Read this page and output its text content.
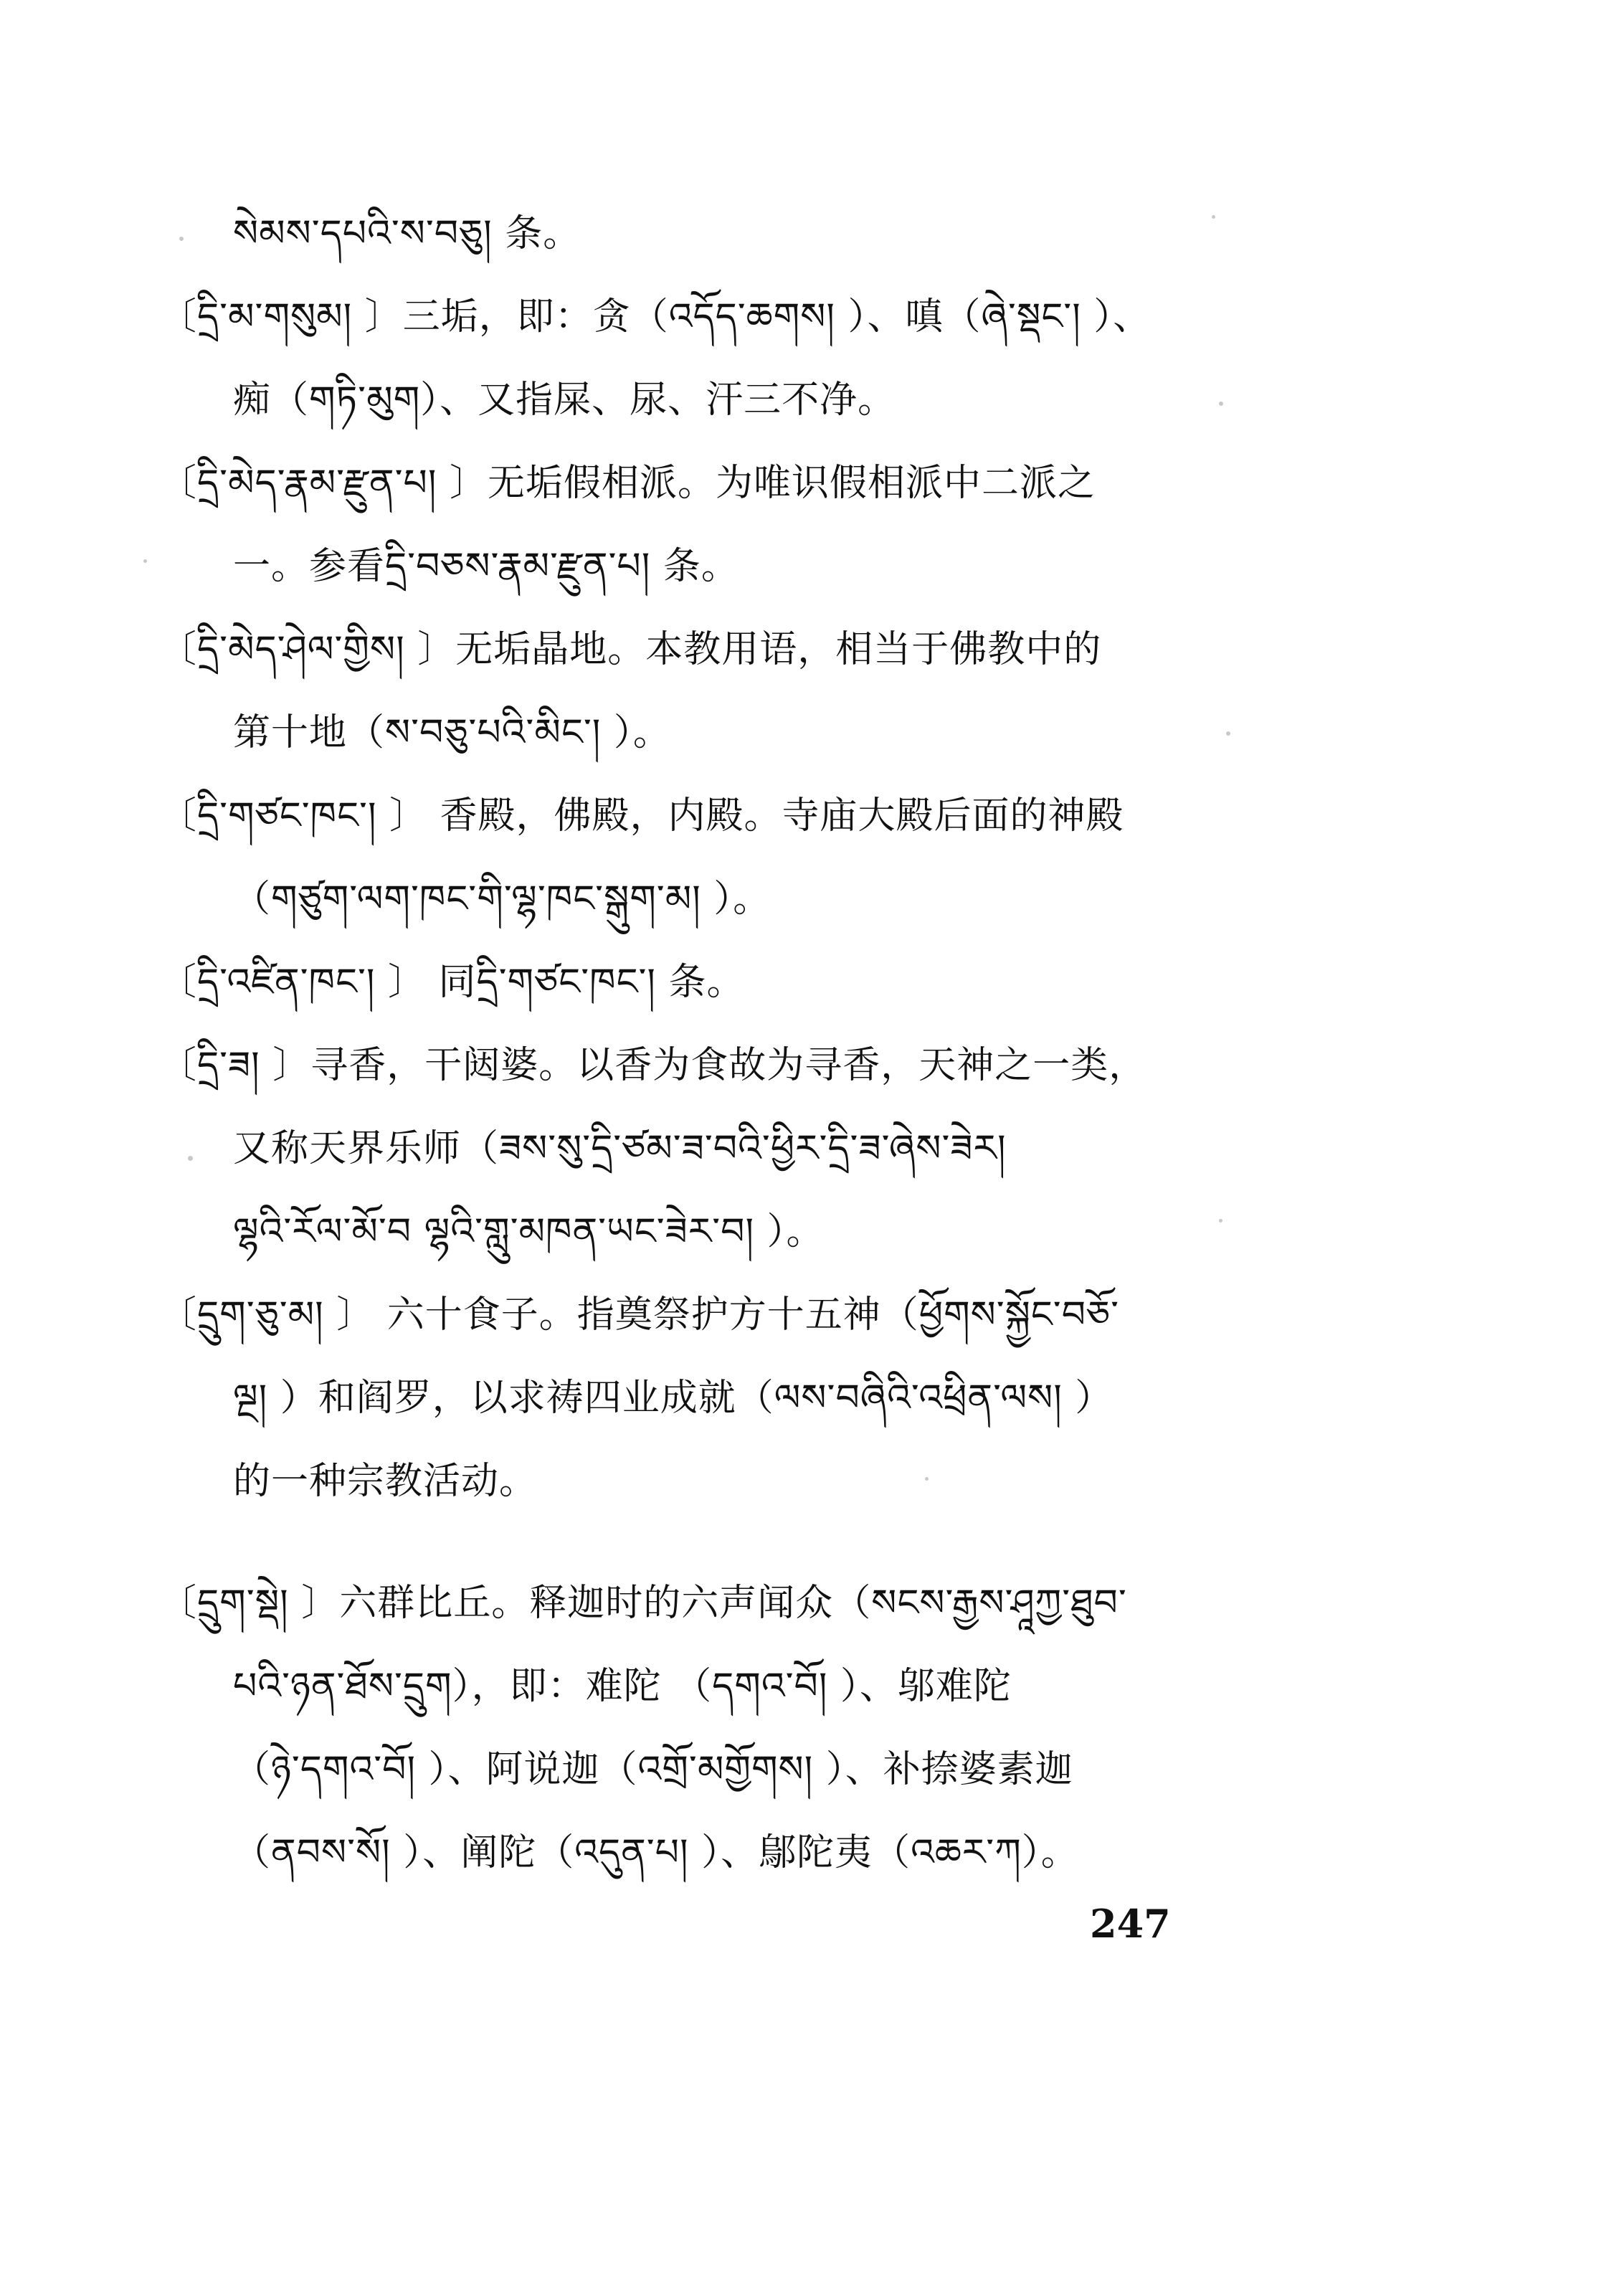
སེམས་དཔའི་ས་བཅུ། 条。
〔དྲི་མ་གསུམ། 〕三垢，即：贪（འདོད་ཆགས། ）、嗔（ཞེ་སྡང་། ）、
痴（གཏི་མུག）、又指屎、尿、汗三不净。
〔དྲི་མེད་རྣམ་རྫུན་པ། 〕无垢假相派。为唯识假相派中二派之
一。参看དྲི་བཅས་རྣམ་རྫུན་པ། 条。
〔དྲི་མེད་ཤེལ་གྱིས། 〕无垢晶地。本教用语，相当于佛教中的
第十地（ས་བཅུ་པའི་མིང་། ）。
〔དྲི་གཙང་ཁང་། 〕 香殿，佛殿，内殿。寺庙大殿后面的神殿
（གཙུག་ལག་ཁང་གི་ལྷ་ཁང་སྒུག་མ། ）。
〔དྲི་འཛིན་ཁང་། 〕 同དྲི་གཙང་ཁང་། 条。
〔དྲི་ཟ། 〕寻香，干闼婆。以香为食故为寻香，天神之一类，
又称天界乐师（ཟས་སུ་དྲི་ཙམ་ཟ་བའི་ཕྱིར་དྲི་ཟ་ཞེས་ཟེར།
ལྷའི་རོལ་མོ་བ ལྷའི་གླུ་མཁན་ཡང་ཟེར་བ། ）。
〔དྲུག་ཅུ་མ། 〕 六十食子。指奠祭护方十五神（ཕྱོགས་སྐྱོང་བཅོ་
ལྔ། ）和阎罗，以求祷四业成就（ལས་བཞིའི་འཕྲིན་ལས། ）
的一种宗教活动。
〔དྲུག་སྡེ། 〕六群比丘。释迦时的六声闻众（སངས་རྒྱས་ཤཱཀྱ་ཐུབ་
པའི་ཉན་ཐོས་དྲུག），即：难陀 （དགའ་བོ། ）、邬难陀
（ཉེ་དགའ་བོ། ）、阿说迦（འགྲོ་མགྱོགས། ）、补捺婆素迦
（ནབས་སོ། ）、阐陀（འདུན་པ། ）、鄔陀夷（འཆར་ཀ）。
247
